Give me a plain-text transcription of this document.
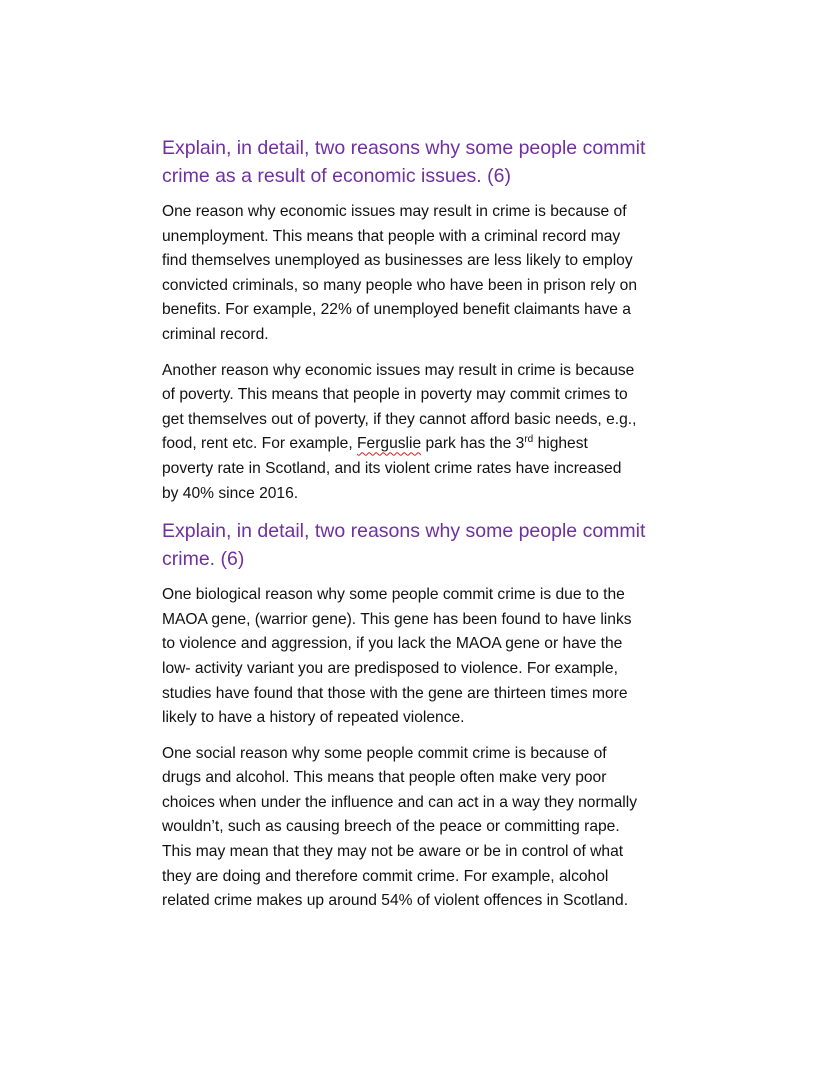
Explain, in detail, two reasons why some people commit
crime as a result of economic issues. (6)

One reason why economic issues may result in crime is because of
unemployment. This means that people with a criminal record may
find themselves unemployed as businesses are less likely to employ
convicted criminals, so many people who have been in prison rely on
benefits. For example, 22% of unemployed benefit claimants have a
criminal record.

Another reason why economic issues may result in crime is because
of poverty. This means that people in poverty may commit crimes to
get themselves out of poverty, if they cannot afford basic needs, e.g.,
food, rent etc. For example, Ferguslie park has the 3rd highest
poverty rate in Scotland, and its violent crime rates have increased
by 40% since 2016.

Explain, in detail, two reasons why some people commit
crime. (6)

One biological reason why some people commit crime is due to the
MAOA gene, (warrior gene). This gene has been found to have links
to violence and aggression, if you lack the MAOA gene or have the
low- activity variant you are predisposed to violence. For example,
studies have found that those with the gene are thirteen times more
likely to have a history of repeated violence.

One social reason why some people commit crime is because of
drugs and alcohol. This means that people often make very poor
choices when under the influence and can act in a way they normally
wouldn’t, such as causing breech of the peace or committing rape.
This may mean that they may not be aware or be in control of what
they are doing and therefore commit crime. For example, alcohol
related crime makes up around 54% of violent offences in Scotland.
